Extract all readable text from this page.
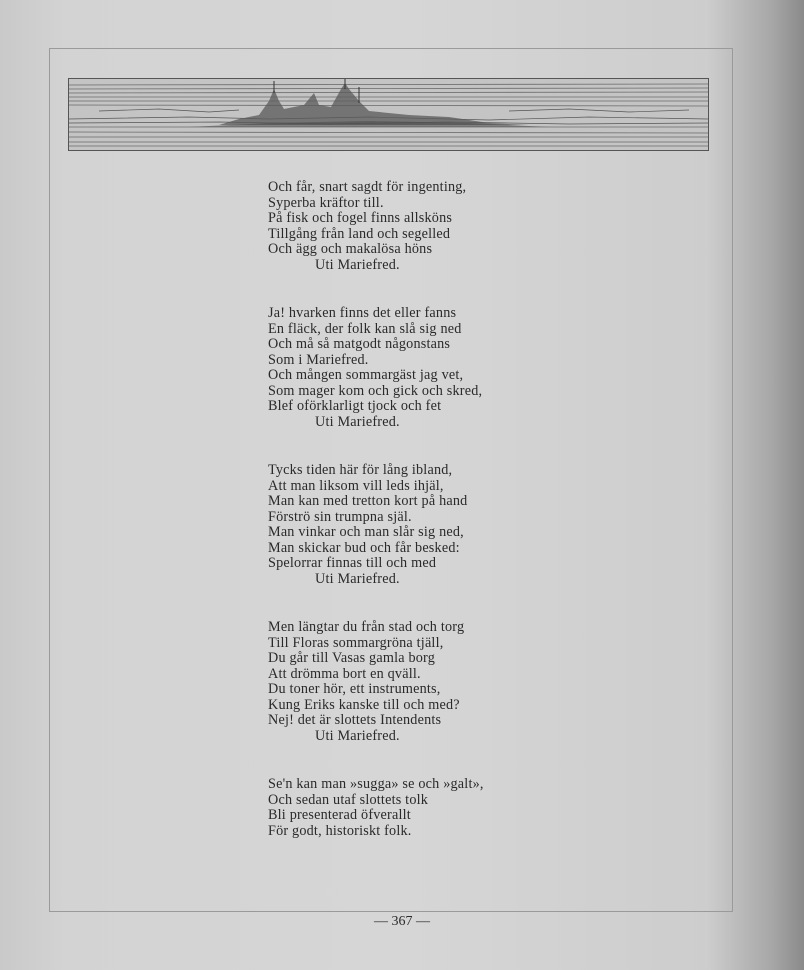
Och får, snart sagdt för ingenting,
Syperba kräftor till.
På fisk och fogel finns allsköns
Tillgång från land och segelled
Och ägg och makalösa höns
Uti Mariefred.
Ja! hvarken finns det eller fanns
En fläck, der folk kan slå sig ned
Och må så matgodt någonstans
Som i Mariefred.
Och mången sommargäst jag vet,
Som mager kom och gick och skred,
Blef oförklarligt tjock och fet
Uti Mariefred.
Tycks tiden här för lång ibland,
Att man liksom vill leds ihjäl,
Man kan med tretton kort på hand
Förströ sin trumpna själ.
Man vinkar och man slår sig ned,
Man skickar bud och får besked:
Spelorrar finnas till och med
Uti Mariefred.
Men längtar du från stad och torg
Till Floras sommargröna tjäll,
Du går till Vasas gamla borg
Att drömma bort en qväll.
Du toner hör, ett instruments,
Kung Eriks kanske till och med?
Nej! det är slottets Intendents
Uti Mariefred.
Se'n kan man »sugga» se och »galt»,
Och sedan utaf slottets tolk
Bli presenterad öfverallt
För godt, historiskt folk.
— 367 —
